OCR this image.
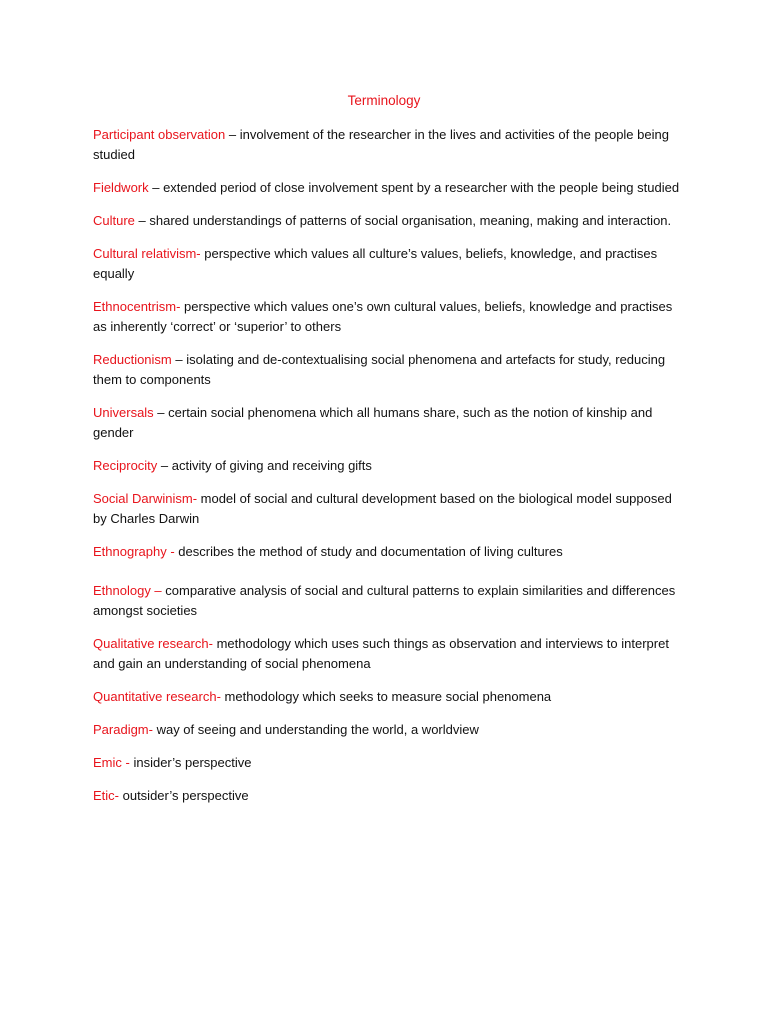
Terminology

Participant observation – involvement of the researcher in the lives and activities of the people being studied

Fieldwork – extended period of close involvement spent by a researcher with the people being studied

Culture – shared understandings of patterns of social organisation, meaning, making and interaction.

Cultural relativism- perspective which values all culture’s values, beliefs, knowledge, and practises equally

Ethnocentrism- perspective which values one’s own cultural values, beliefs, knowledge and practises as inherently ‘correct’ or ‘superior’ to others

Reductionism – isolating and de-contextualising social phenomena and artefacts for study, reducing them to components

Universals – certain social phenomena which all humans share, such as the notion of kinship and gender

Reciprocity – activity of giving and receiving gifts

Social Darwinism- model of social and cultural development based on the biological model supposed by Charles Darwin

Ethnography - describes the method of study and documentation of living cultures

Ethnology – comparative analysis of social and cultural patterns to explain similarities and differences amongst societies

Qualitative research- methodology which uses such things as observation and interviews to interpret and gain an understanding of social phenomena

Quantitative research- methodology which seeks to measure social phenomena

Paradigm- way of seeing and understanding the world, a worldview

Emic - insider’s perspective

Etic- outsider’s perspective
